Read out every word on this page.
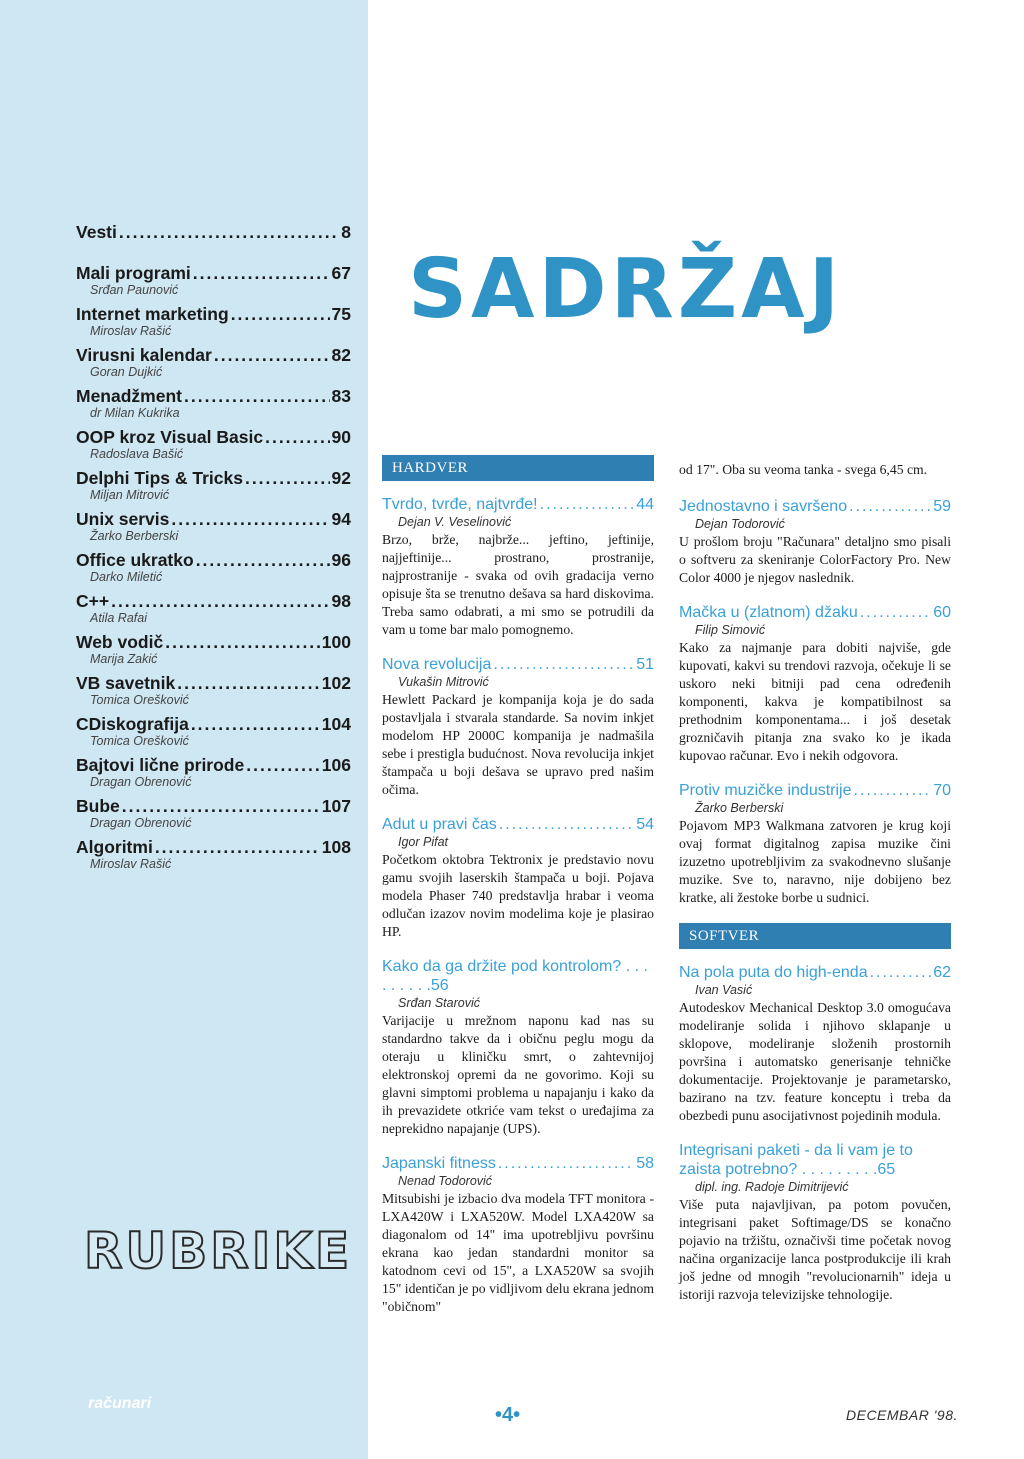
Vesti .....	8
Mali programi .....	67
Srđan Paunović
Internet marketing .....	75
Miroslav Rašić
Virusni kalendar .....	82
Goran Dujkić
Menadžment .....	83
dr Milan Kukrika
OOP kroz Visual Basic .....	90
Radoslava Bašić
Delphi Tips & Tricks .....	92
Miljan Mitrović
Unix servis .....	94
Žarko Berberski
Office ukratko .....	96
Darko Miletić
C++ .....	98
Atila Rafai
Web vodič .....	100
Marija Zakić
VB savetnik .....	102
Tomica Orešković
CDiskografija .....	104
Tomica Orešković
Bajtovi lične prirode .....	106
Dragan Obrenović
Bube .....	107
Dragan Obrenović
Algoritmi .....	108
Miroslav Rašić
RUBRIKE
računari
SADRŽAJ
HARDVER
Tvrdo, tvrđe, najtvrđe! .....	44
Dejan V. Veselinović
Brzo, brže, najbrže... jeftino, jeftinije, najjeftinije... prostrano, prostranije, najprostranije - svaka od ovih gradacija verno opisuje šta se trenutno dešava sa hard diskovima. Treba samo odabrati, a mi smo se potrudili da vam u tome bar malo pomognemo.
Nova revolucija .....	51
Vukašin Mitrović
Hewlett Packard je kompanija koja je do sada postavljala i stvarala standarde. Sa novim inkjet modelom HP 2000C kompanija je nadmašila sebe i prestigla budućnost. Nova revolucija inkjet štampača u boji dešava se upravo pred našim očima.
Adut u pravi čas .....	54
Igor Pifat
Početkom oktobra Tektronix je predstavio novu gamu svojih laserskih štampača u boji. Pojava modela Phaser 740 predstavlja hrabar i veoma odlučan izazov novim modelima koje je plasirao HP.
Kako da ga držite pod kontrolom? . . . . . . . . .56
Srđan Starović
Varijacije u mrežnom naponu kad nas su standardno takve da i običnu peglu mogu da oteraju u kliničku smrt, o zahtevnijoj elektronskoj opremi da ne govorimo. Koji su glavni simptomi problema u napajanju i kako da ih prevazidete otkriće vam tekst o uređajima za neprekidno napajanje (UPS).
Japanski fitness .....	58
Nenad Todorović
Mitsubishi je izbacio dva modela TFT monitora - LXA420W i LXA520W. Model LXA420W sa diagonalom od 14" ima upotrebljivu površinu ekrana kao jedan standardni monitor sa katodnom cevi od 15", a LXA520W sa svojih 15" identičan je po vidljivom delu ekrana jednom "običnom"
od 17". Oba su veoma tanka - svega 6,45 cm.
Jednostavno i savršeno .....	59
Dejan Todorović
U prošlom broju "Računara" detaljno smo pisali o softveru za skeniranje ColorFactory Pro. New Color 4000 je njegov naslednik.
Mačka u (zlatnom) džaku .....	60
Filip Simović
Kako za najmanje para dobiti najviše, gde kupovati, kakvi su trendovi razvoja, očekuje li se uskoro neki bitniji pad cena određenih komponenti, kakva je kompatibilnost sa prethodnim komponentama... i još desetak grozničavih pitanja zna svako ko je ikada kupovao računar. Evo i nekih odgovora.
Protiv muzičke industrije .....	70
Žarko Berberski
Pojavom MP3 Walkmana zatvoren je krug koji ovaj format digitalnog zapisa muzike čini izuzetno upotrebljivim za svakodnevno slušanje muzike. Sve to, naravno, nije dobijeno bez kratke, ali žestoke borbe u sudnici.
SOFTVER
Na pola puta do high-enda .....	62
Ivan Vasić
Autodeskov Mechanical Desktop 3.0 omogućava modeliranje solida i njihovo sklapanje u sklopove, modeliranje složenih prostornih površina i automatsko generisanje tehničke dokumentacije. Projektovanje je parametarsko, bazirano na tzv. feature konceptu i treba da obezbedi punu asocijativnost pojedinih modula.
Integrisani paketi - da li vam je to zaista potrebno? . . . . . . . . .65
dipl. ing. Radoje Dimitrijević
Više puta najavljivan, pa potom povučen, integrisani paket Softimage/DS se konačno pojavio na tržištu, označivši time početak novog načina organizacije lanca postprodukcije ili krah još jedne od mnogih "revolucionarnih" ideja u istoriji razvoja televizijske tehnologije.
•4•	DECEMBAR '98.
